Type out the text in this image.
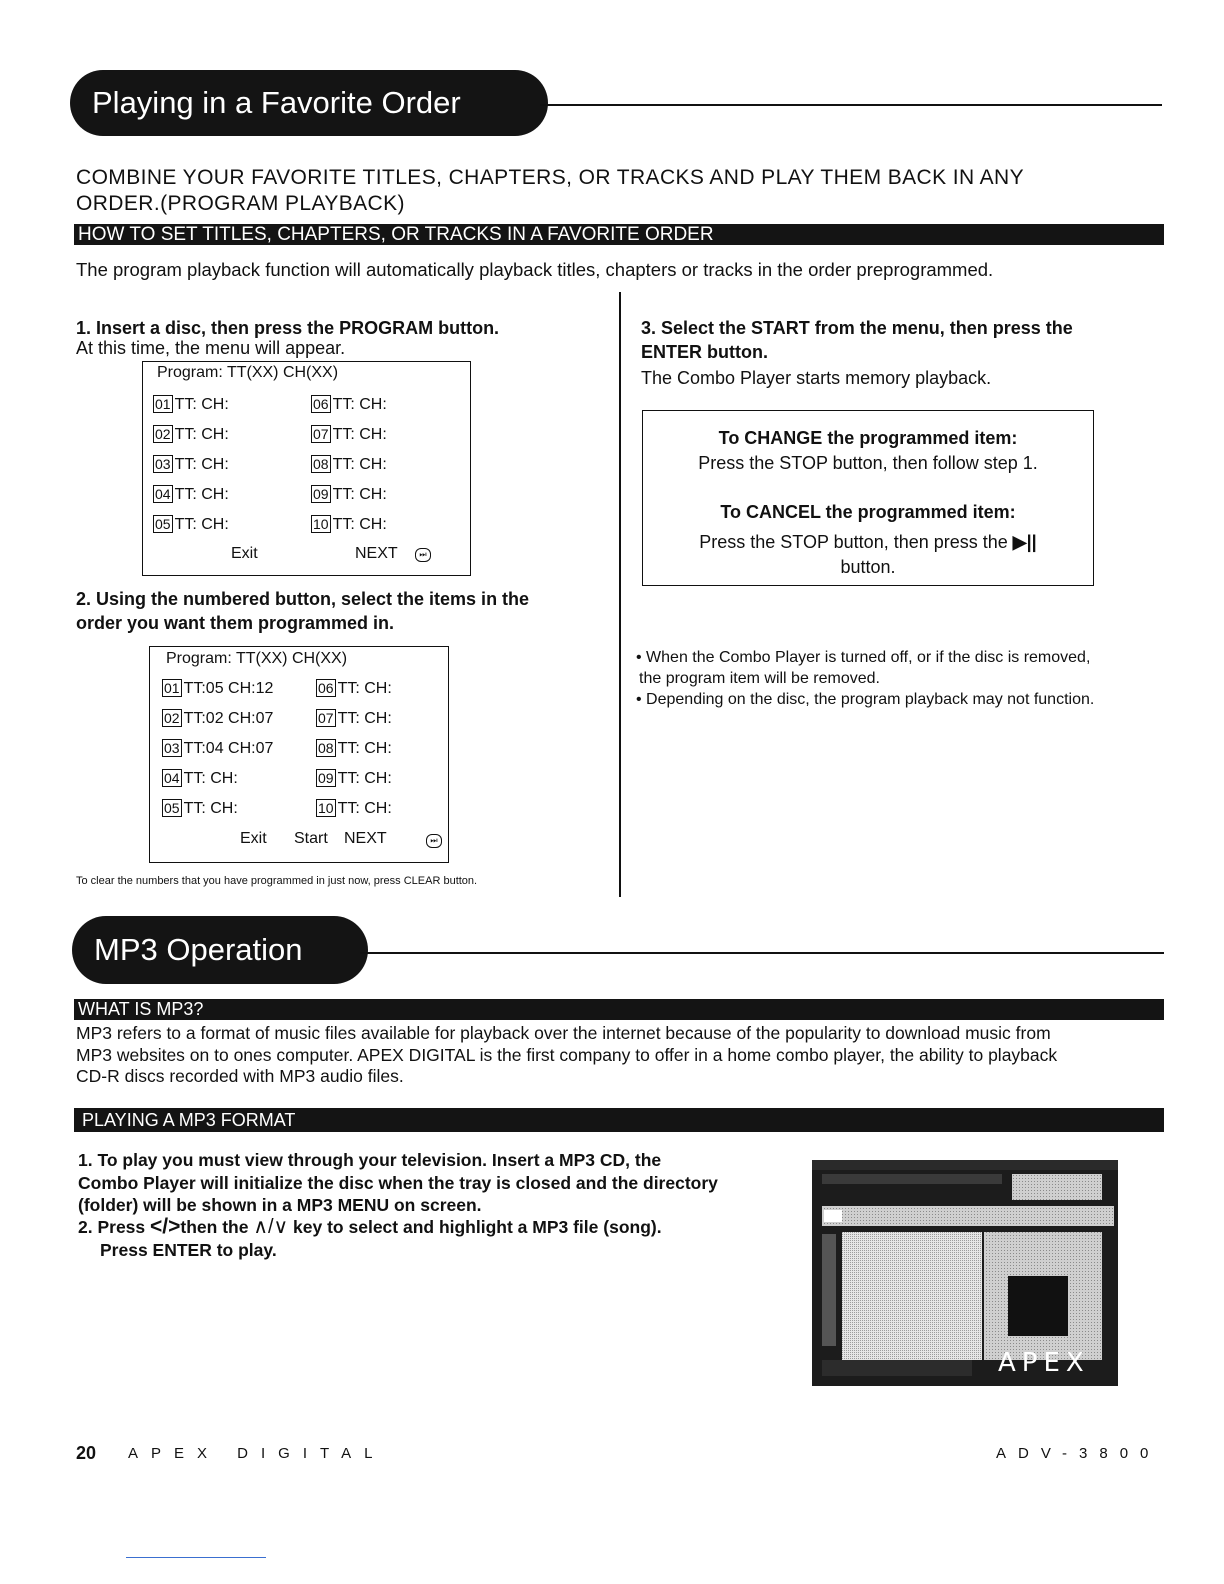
Playing in a Favorite Order
COMBINE YOUR FAVORITE TITLES, CHAPTERS, OR TRACKS AND PLAY THEM BACK IN ANY
ORDER.(PROGRAM PLAYBACK)
HOW TO SET TITLES, CHAPTERS, OR TRACKS IN A FAVORITE ORDER
The program playback function will automatically playback titles, chapters or tracks in the order preprogrammed.
1. Insert a disc, then press the PROGRAM button.
At this time, the menu will appear.
Program: TT(XX) CH(XX)
01 TT: CH:	06 TT: CH:
02 TT: CH:	07 TT: CH:
03 TT: CH:	08 TT: CH:
04 TT: CH:	09 TT: CH:
05 TT: CH:	10 TT: CH:
Exit	NEXT	⏭
2. Using the numbered button, select the items in the
order you want them programmed in.
Program: TT(XX) CH(XX)
01 TT:05 CH:12	06 TT: CH:
02 TT:02 CH:07	07 TT: CH:
03 TT:04 CH:07	08 TT: CH:
04 TT: CH:	09 TT: CH:
05 TT: CH:	10 TT: CH:
Exit Start NEXT	⏭
To clear the numbers that you have programmed in just now, press CLEAR button.
3. Select the START from the menu, then press the
ENTER button.
The Combo Player starts memory playback.
To CHANGE the programmed item:
Press the STOP button, then follow step 1.
To CANCEL the programmed item:
Press the STOP button, then press the ▶||
button.
• When the Combo Player is turned off, or if the disc is removed,
the program item will be removed.
• Depending on the disc, the program playback may not function.
MP3 Operation
WHAT IS MP3?
MP3 refers to a format of music files available for playback over the internet because of the popularity to download music from
MP3 websites on to ones computer. APEX DIGITAL is the first company to offer in a home combo player, the ability to playback
CD-R discs recorded with MP3 audio files.
PLAYING A MP3 FORMAT
1. To play you must view through your television. Insert a MP3 CD, the
Combo Player will initialize the disc when the tray is closed and the directory
(folder) will be shown in a MP3 MENU on screen.
2. Press </>then the ∧/∨ key to select and highlight a MP3 file (song).
Press ENTER to play.
APEX
20 APEX DIGITAL	ADV-3800
